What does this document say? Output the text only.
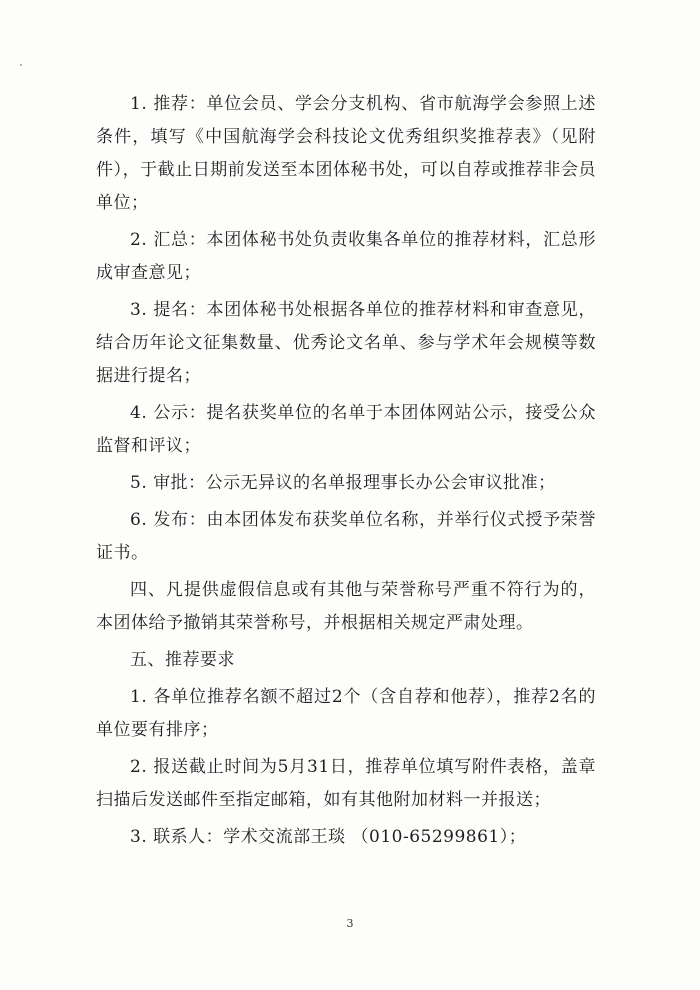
1. 推荐：单位会员、学会分支机构、省市航海学会参照上述条件，填写《中国航海学会科技论文优秀组织奖推荐表》（见附件），于截止日期前发送至本团体秘书处，可以自荐或推荐非会员单位；

2. 汇总：本团体秘书处负责收集各单位的推荐材料，汇总形成审查意见；

3. 提名：本团体秘书处根据各单位的推荐材料和审查意见，结合历年论文征集数量、优秀论文名单、参与学术年会规模等数据进行提名；

4. 公示：提名获奖单位的名单于本团体网站公示，接受公众监督和评议；

5. 审批：公示无异议的名单报理事长办公会审议批准；

6. 发布：由本团体发布获奖单位名称，并举行仪式授予荣誉证书。

四、凡提供虚假信息或有其他与荣誉称号严重不符行为的，本团体给予撤销其荣誉称号，并根据相关规定严肃处理。

五、推荐要求

1. 各单位推荐名额不超过2个（含自荐和他荐），推荐2名的单位要有排序；

2. 报送截止时间为5月31日，推荐单位填写附件表格，盖章扫描后发送邮件至指定邮箱，如有其他附加材料一并报送；

3. 联系人：学术交流部王琰 （010-65299861）；

3
